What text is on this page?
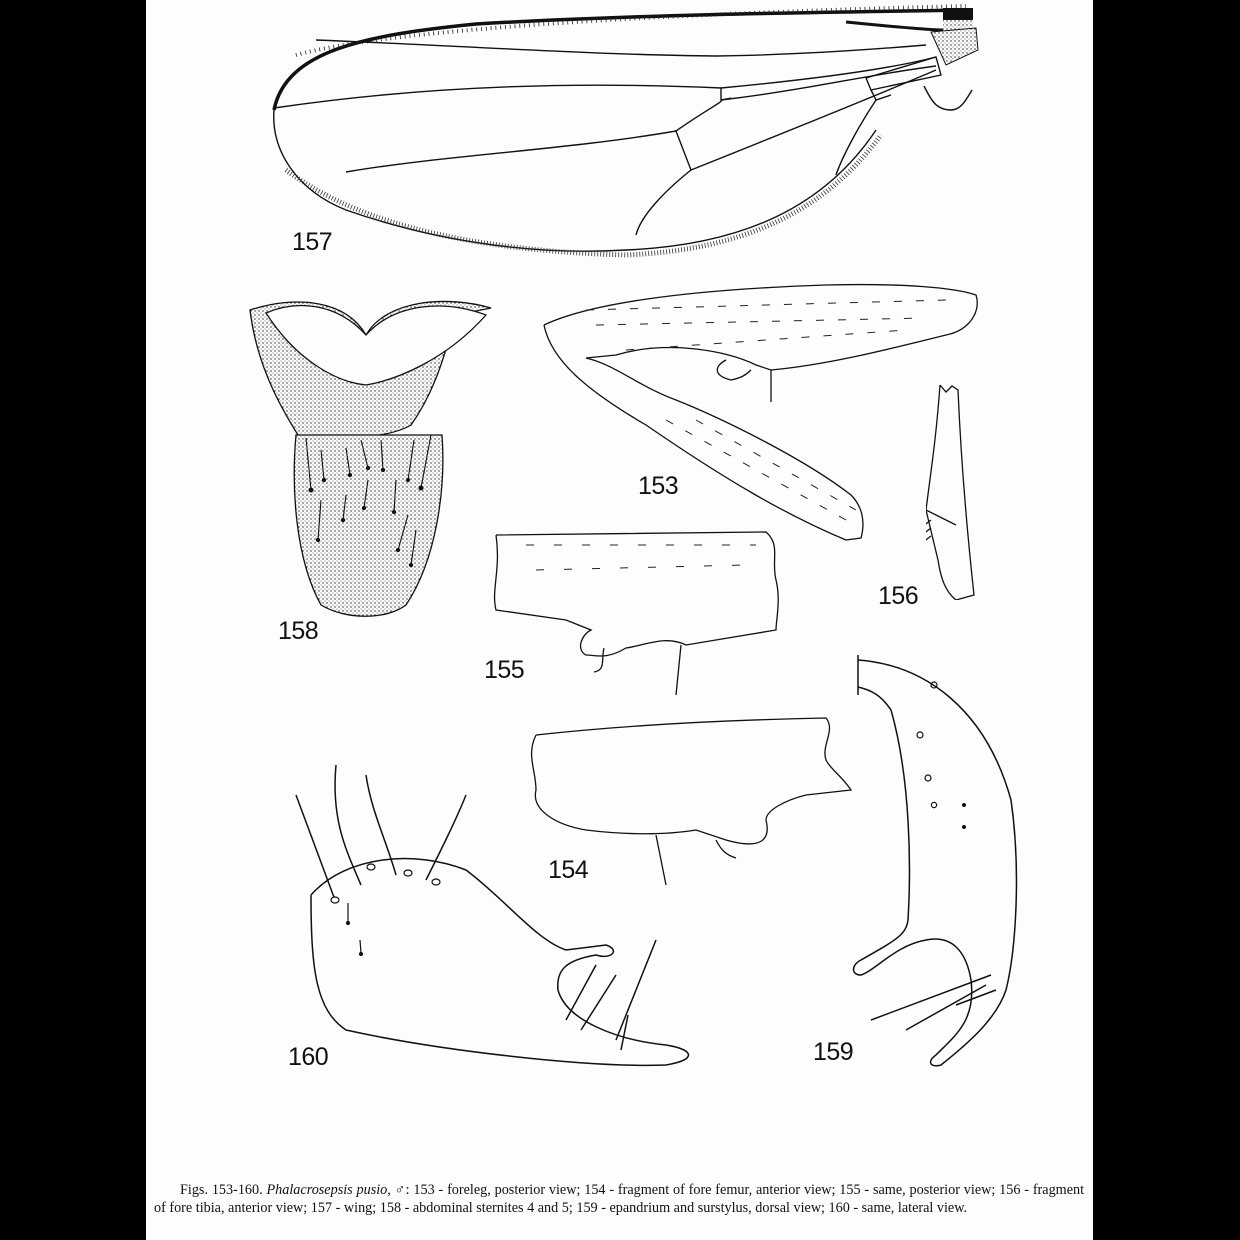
157
158
153
156
155
154
159
160
Figs. 153-160. Phalacrosepsis pusio, ♂: 153 - foreleg, posterior view; 154 - fragment of fore femur, anterior view; 155 - same, posterior view; 156 - fragment of fore tibia, anterior view; 157 - wing; 158 - abdominal sternites 4 and 5; 159 - epandrium and surstylus, dorsal view; 160 - same, lateral view.
